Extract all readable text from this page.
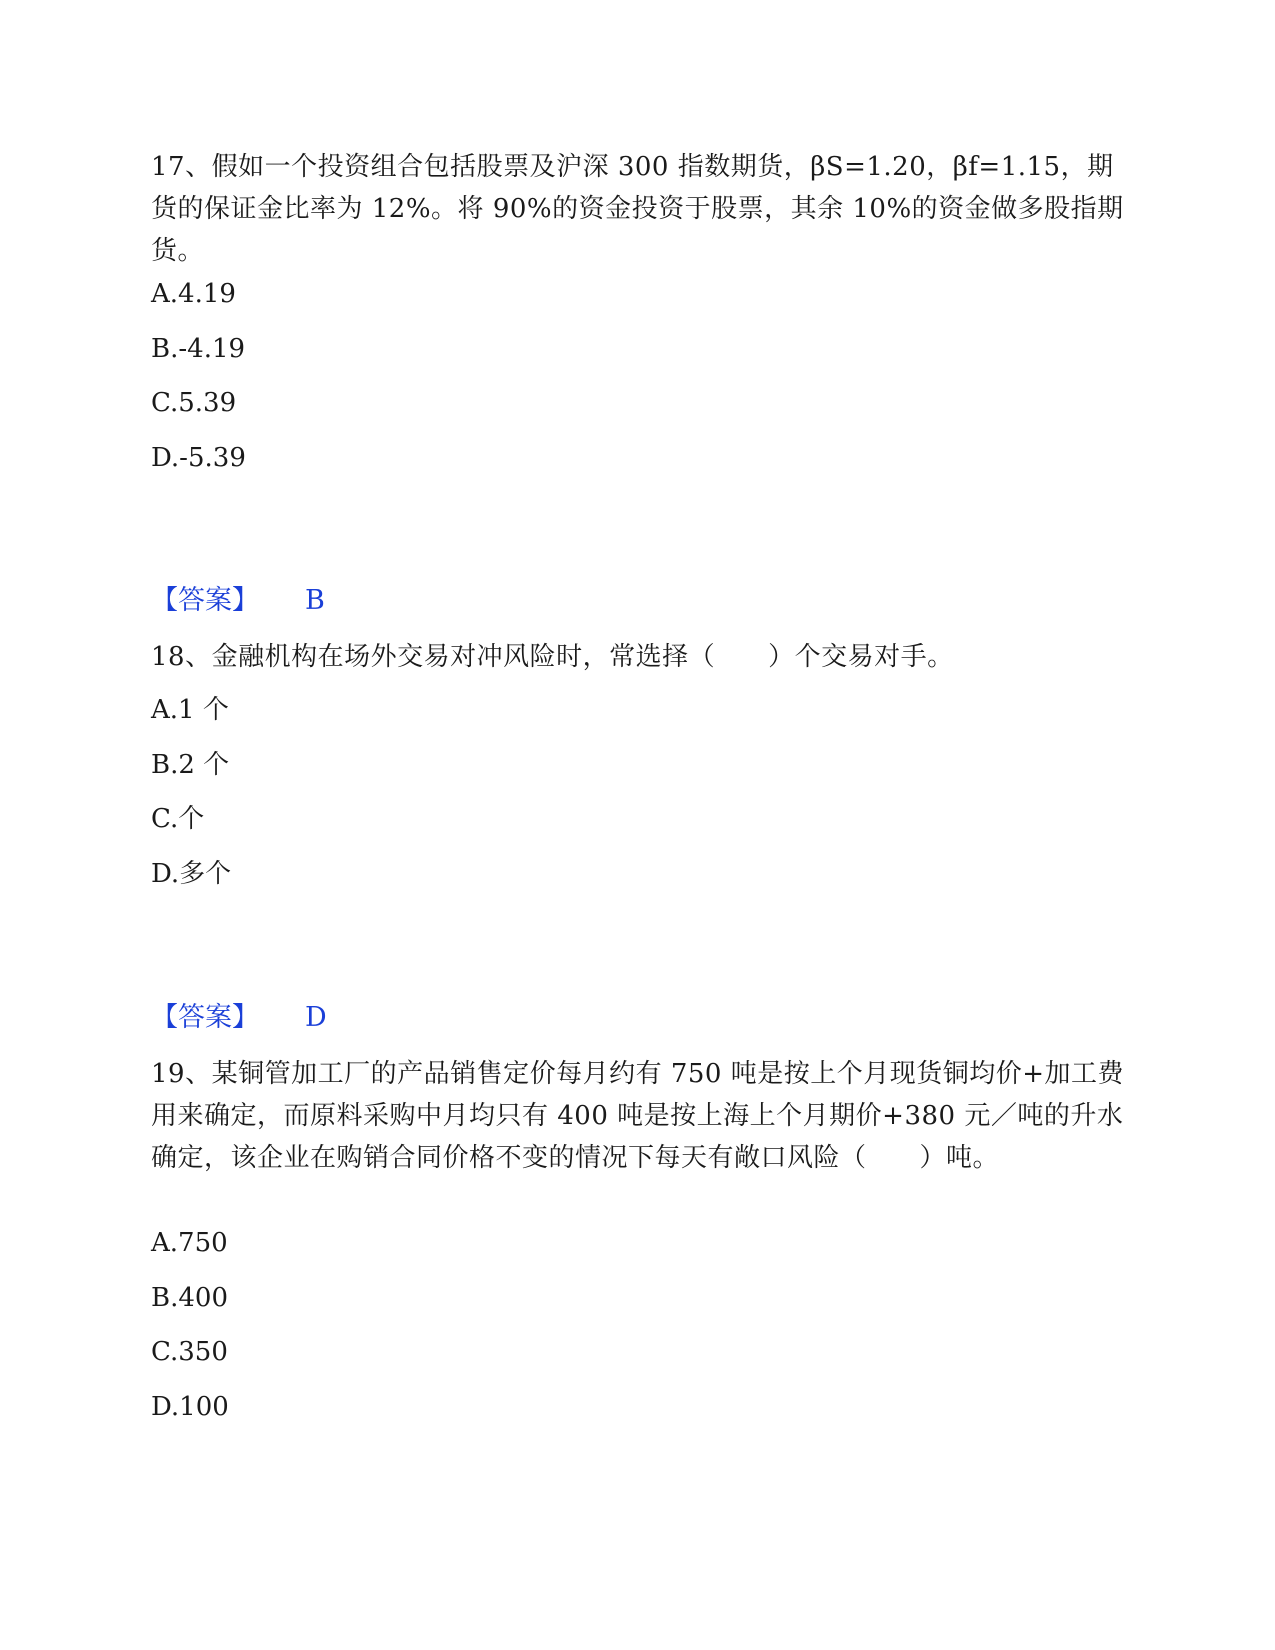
17、假如一个投资组合包括股票及沪深 300 指数期货，βS=1.20，βf=1.15，期货的保证金比率为 12%。将 90%的资金投资于股票，其余 10%的资金做多股指期货。

A.4.19

B.-4.19

C.5.39

D.-5.39

【答案】 B

18、金融机构在场外交易对冲风险时，常选择（　　）个交易对手。

A.1 个

B.2 个

C.个

D.多个

【答案】 D

19、某铜管加工厂的产品销售定价每月约有 750 吨是按上个月现货铜均价+加工费用来确定，而原料采购中月均只有 400 吨是按上海上个月期价+380 元／吨的升水确定，该企业在购销合同价格不变的情况下每天有敞口风险（　　）吨。

A.750

B.400

C.350

D.100
